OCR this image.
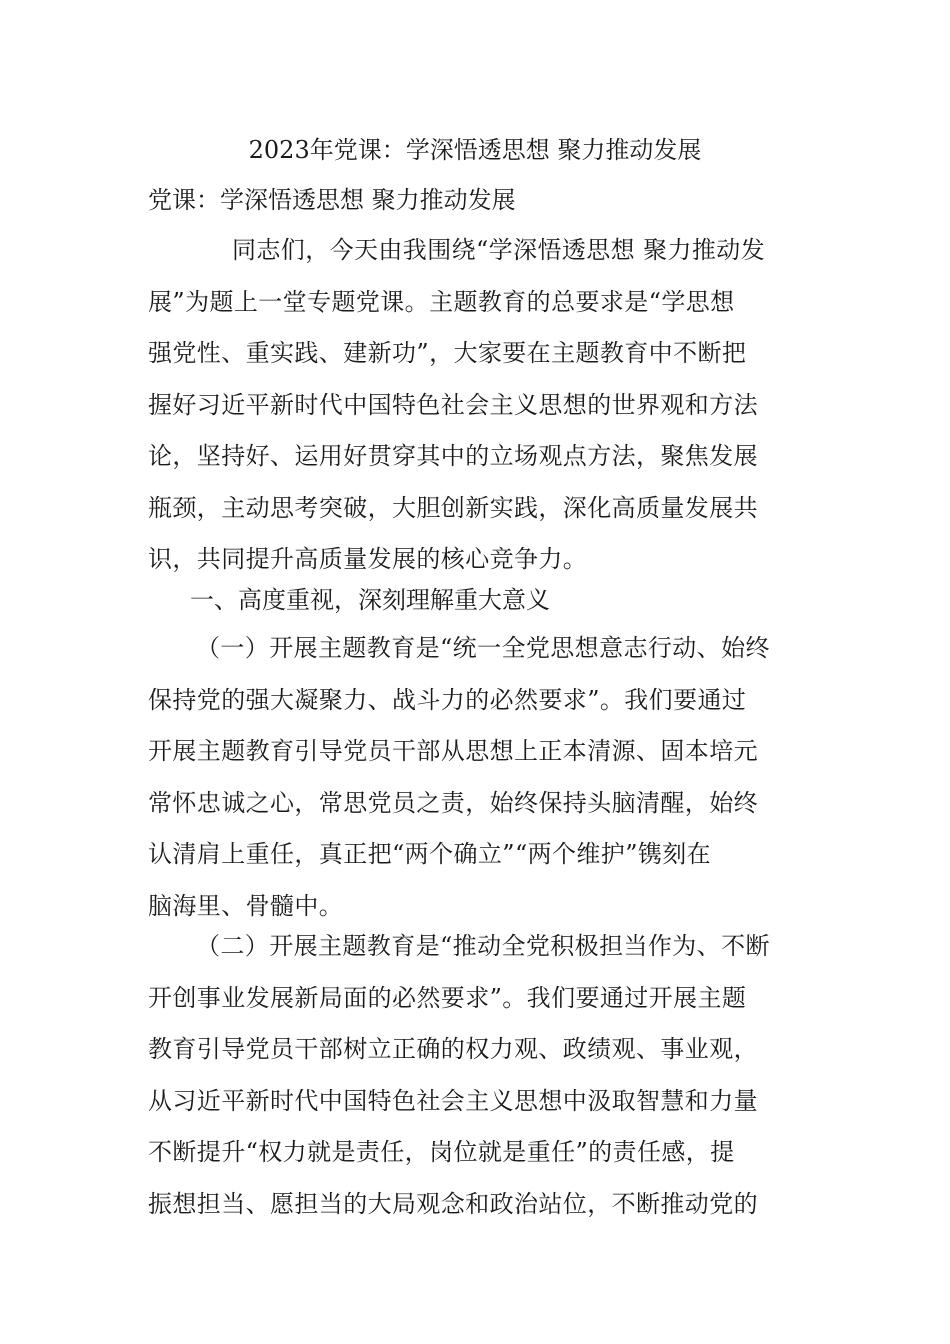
2023年党课：学深悟透思想 聚力推动发展
党课：学深悟透思想 聚力推动发展
同志们，今天由我围绕“学深悟透思想 聚力推动发
展”为题上一堂专题党课。主题教育的总要求是“学思想
强党性、重实践、建新功”，大家要在主题教育中不断把
握好习近平新时代中国特色社会主义思想的世界观和方法
论，坚持好、运用好贯穿其中的立场观点方法，聚焦发展
瓶颈，主动思考突破，大胆创新实践，深化高质量发展共
识，共同提升高质量发展的核心竞争力。
一、高度重视，深刻理解重大意义
（一）开展主题教育是“统一全党思想意志行动、始终
保持党的强大凝聚力、战斗力的必然要求”。我们要通过
开展主题教育引导党员干部从思想上正本清源、固本培元
常怀忠诚之心，常思党员之责，始终保持头脑清醒，始终
认清肩上重任，真正把“两个确立”“两个维护”镌刻在
脑海里、骨髓中。
（二）开展主题教育是“推动全党积极担当作为、不断
开创事业发展新局面的必然要求”。我们要通过开展主题
教育引导党员干部树立正确的权力观、政绩观、事业观，
从习近平新时代中国特色社会主义思想中汲取智慧和力量
不断提升“权力就是责任，岗位就是重任”的责任感，提
振想担当、愿担当的大局观念和政治站位，不断推动党的
